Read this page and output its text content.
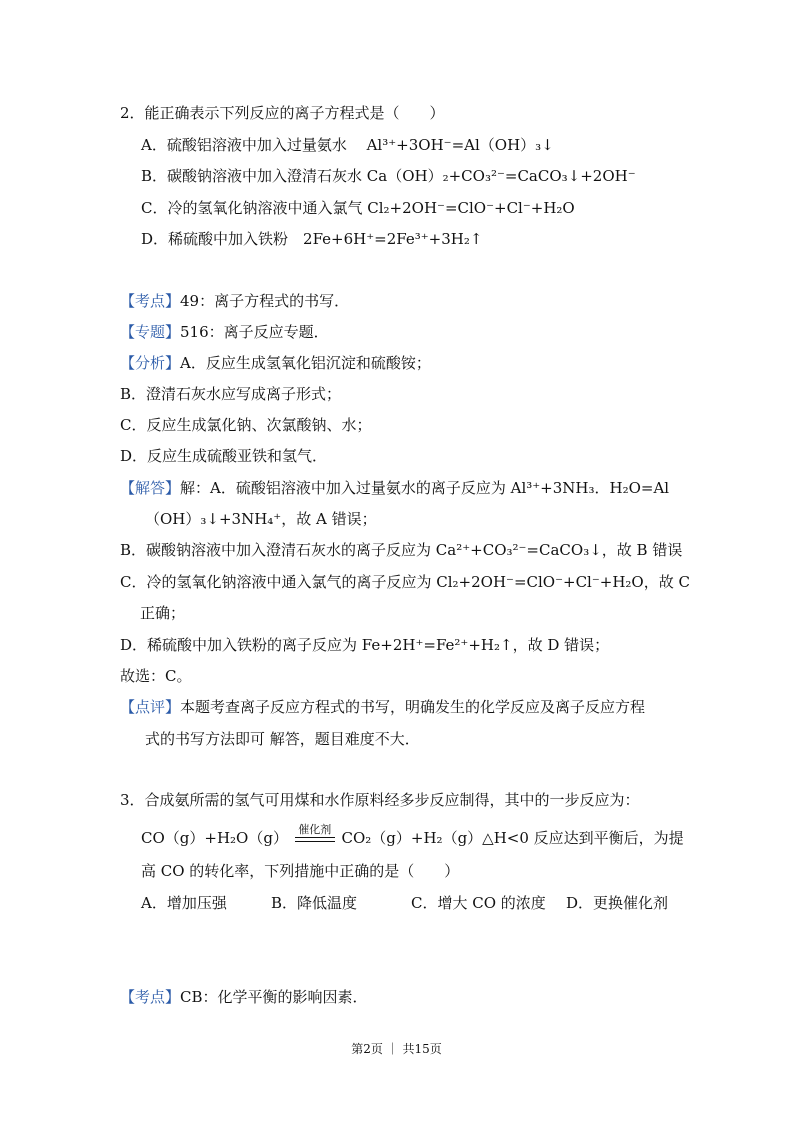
2．能正确表示下列反应的离子方程式是（　　）
A．硫酸铝溶液中加入过量氨水　 Al³⁺+3OH⁻=Al（OH）₃↓
B．碳酸钠溶液中加入澄清石灰水 Ca（OH）₂+CO₃²⁻=CaCO₃↓+2OH⁻
C．冷的氢氧化钠溶液中通入氯气 Cl₂+2OH⁻=ClO⁻+Cl⁻+H₂O
D．稀硫酸中加入铁粉　2Fe+6H⁺=2Fe³⁺+3H₂↑
【考点】49：离子方程式的书写．
【专题】516：离子反应专题．
【分析】A．反应生成氢氧化铝沉淀和硫酸铵；
B．澄清石灰水应写成离子形式；
C．反应生成氯化钠、次氯酸钠、水；
D．反应生成硫酸亚铁和氢气．
【解答】解：A．硫酸铝溶液中加入过量氨水的离子反应为 Al³⁺+3NH₃．H₂O=Al
（OH）₃↓+3NH₄⁺，故 A 错误；
B．碳酸钠溶液中加入澄清石灰水的离子反应为 Ca²⁺+CO₃²⁻=CaCO₃↓，故 B 错误
C．冷的氢氧化钠溶液中通入氯气的离子反应为 Cl₂+2OH⁻=ClO⁻+Cl⁻+H₂O，故 C
正确；
D．稀硫酸中加入铁粉的离子反应为 Fe+2H⁺=Fe²⁺+H₂↑，故 D 错误；
故选：C。
【点评】本题考查离子反应方程式的书写，明确发生的化学反应及离子反应方程
式的书写方法即可 解答，题目难度不大．
3．合成氨所需的氢气可用煤和水作原料经多步反应制得，其中的一步反应为：
CO（g）+H₂O（g） 催化剂 CO₂（g）+H₂（g）△H<0 反应达到平衡后，为提
高 CO 的转化率，下列措施中正确的是（　　）
A．增加压强	B．降低温度	C．增大 CO 的浓度 D．更换催化剂
【考点】CB：化学平衡的影响因素．
第2页 ｜ 共15页
